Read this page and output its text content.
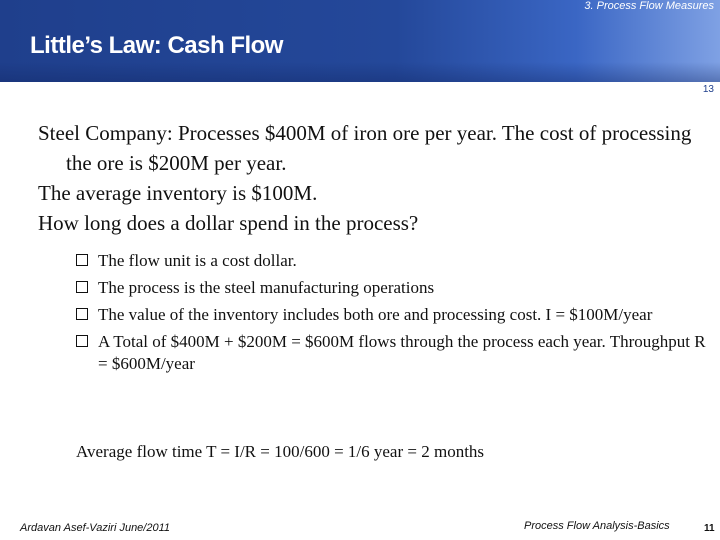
3. Process Flow Measures
Little’s Law: Cash Flow
13

Steel Company: Processes $400M of iron ore per year. The cost of processing the ore is $200M per year.

The average inventory is $100M.

How long does a dollar spend in the process?

The flow unit is a cost dollar.
The process is the steel manufacturing operations
The value of the inventory includes both ore and processing cost. I = $100M/year
A Total of $400M + $200M = $600M flows through the process each year. Throughput R = $600M/year
Average flow time T = I/R = 100/600 = 1/6 year = 2 months
Ardavan Asef-Vaziri June/2011	Process Flow Analysis-Basics	11
